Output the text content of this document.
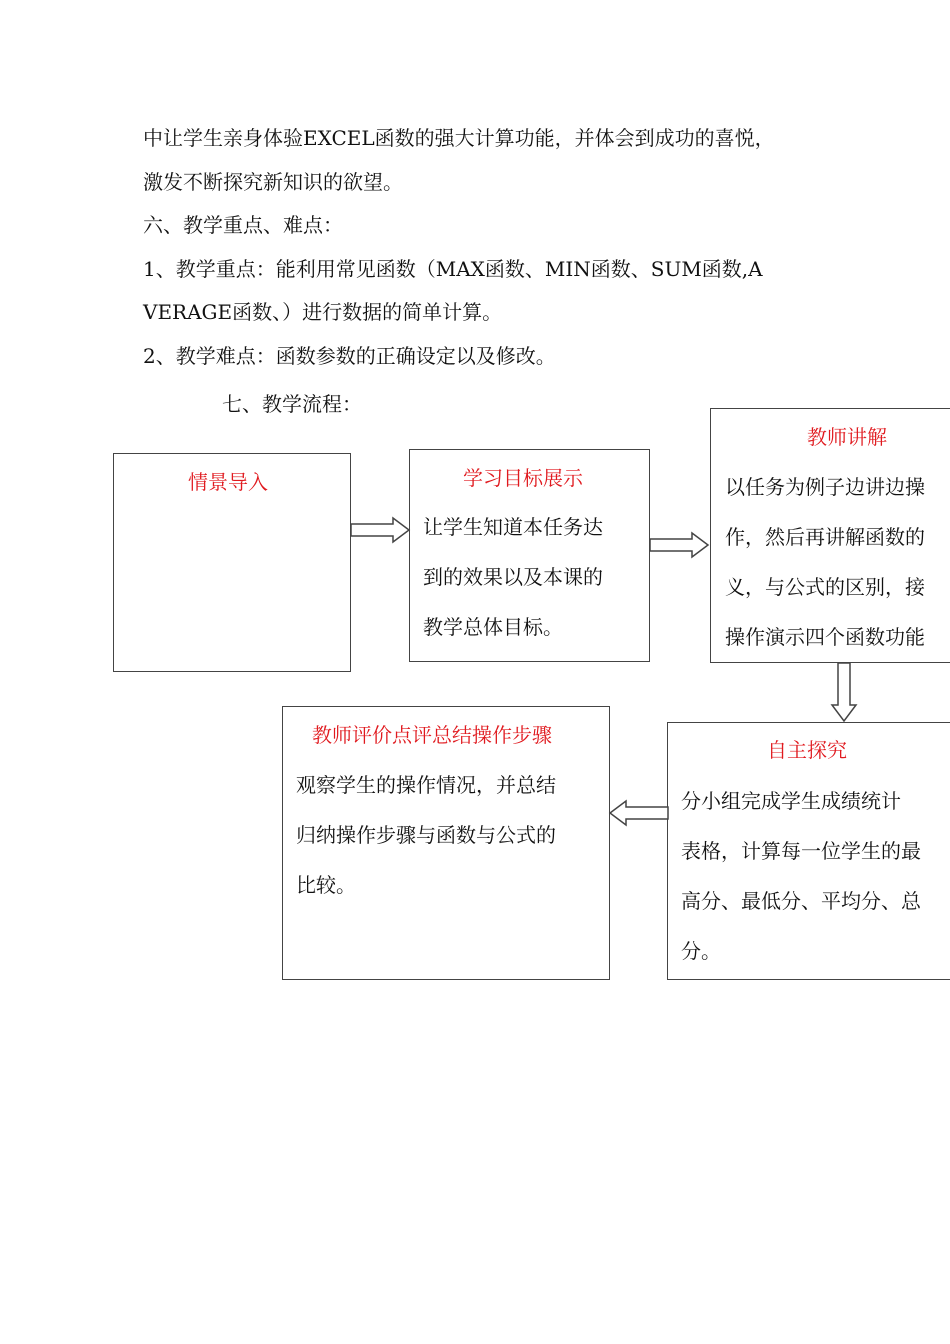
中让学生亲身体验EXCEL函数的强大计算功能，并体会到成功的喜悦，
激发不断探究新知识的欲望。
六、教学重点、难点：
1、教学重点：能利用常见函数（MAX函数、MIN函数、SUM函数,A
VERAGE函数、）进行数据的简单计算。
2、教学难点：函数参数的正确设定以及修改。
七、教学流程：
情景导入	学习目标展示
让学生知道本任务达
到的效果以及本课的
教学总体目标。
教师讲解
以任务为例子边讲边操
作，然后再讲解函数的
义，与公式的区别，接
操作演示四个函数功能
自主探究
分小组完成学生成绩统计
表格，计算每一位学生的最
高分、最低分、平均分、总
分。
教师评价点评总结操作步骤
观察学生的操作情况，并总结
归纳操作步骤与函数与公式的
比较。
